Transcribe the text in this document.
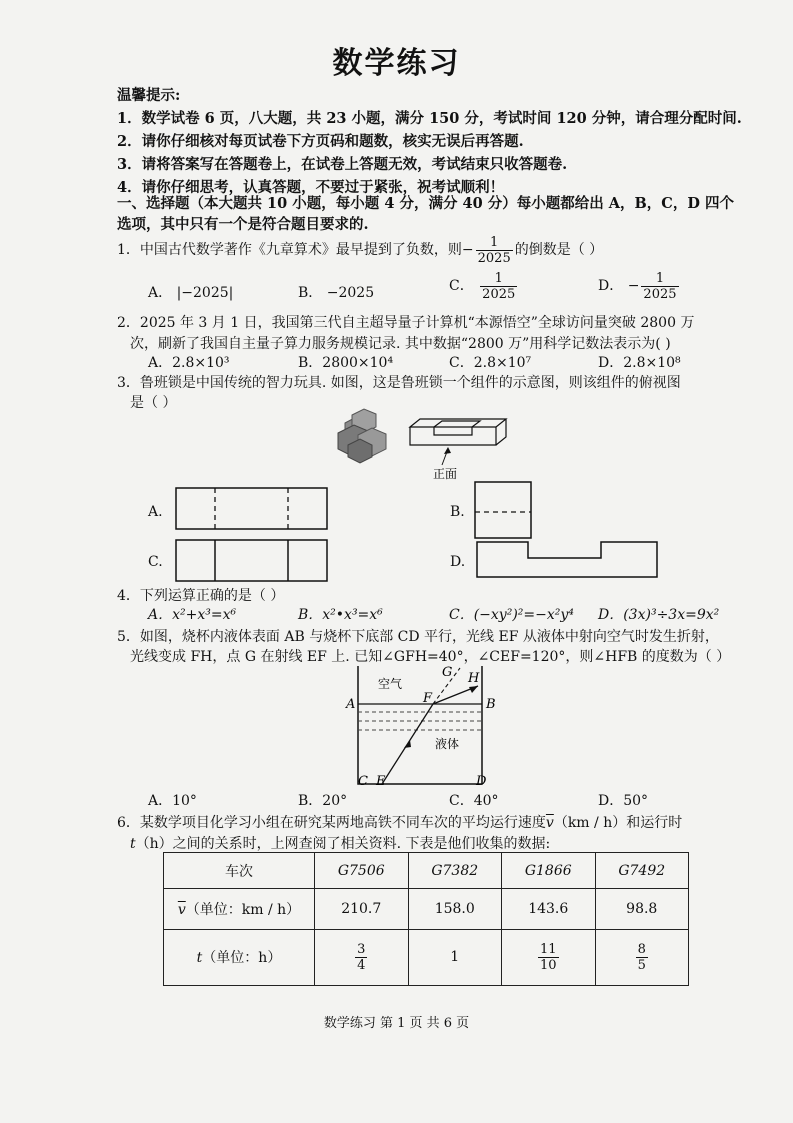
数学练习
温馨提示:
1．数学试卷 6 页，八大题，共 23 小题，满分 150 分，考试时间 120 分钟，请合理分配时间.
2．请你仔细核对每页试卷下方页码和题数，核实无误后再答题.
3．请将答案写在答题卷上，在试卷上答题无效，考试结束只收答题卷.
4．请你仔细思考，认真答题，不要过于紧张，祝考试顺利！
一、选择题（本大题共 10 小题，每小题 4 分，满分 40 分）每小题都给出 A，B，C，D 四个
选项，其中只有一个是符合题目要求的.
1．中国古代数学著作《九章算术》最早提到了负数，则− $\frac{1}{2025}$ 的倒数是（ ）
A． |−2025|	B． −2025	C． $\frac{1}{2025}$	D． − $\frac{1}{2025}$
2．2025 年 3 月 1 日，我国第三代自主超导量子计算机“本源悟空”全球访问量突破 2800 万
次，刷新了我国自主量子算力服务规模记录. 其中数据“2800 万”用科学记数法表示为( )
A．2.8×10³	B．2800×10⁴	C．2.8×10⁷	D．2.8×10⁸
3．鲁班锁是中国传统的智力玩具. 如图，这是鲁班锁一个组件的示意图，则该组件的俯视图
是（ ）
正面
A.	B.
C.	D.
4．下列运算正确的是（ ）
A．x²+x³=x⁶	B．x²•x³=x⁶	C．(−xy²)²=−x²y⁴ D．(3x)³÷3x=9x²
5．如图，烧杯内液体表面 AB 与烧杯下底部 CD 平行，光线 EF 从液体中射向空气时发生折射，
光线变成 FH，点 G 在射线 EF 上. 已知∠GFH=40°，∠CEF=120°，则∠HFB 的度数为（ ）
空气
液体
A	B
C E	D
F
G H
A．10°	B．20°	C．40°	D．50°
6．某数学项目化学习小组在研究某两地高铁不同车次的平均运行速度$\overline{v}(km / h)$和运行时
t（h）之间的关系时，上网查阅了相关资料. 下表是他们收集的数据:
车次	G7506	G7382	G1866	G7492
$\overline{v}$（单位：km / h）	210.7	158.0	143.6	98.8
t（单位：h）	$\frac{3}{4}$	1	$\frac{11}{10}$	$\frac{8}{5}$
数学练习 第 1 页 共 6 页
